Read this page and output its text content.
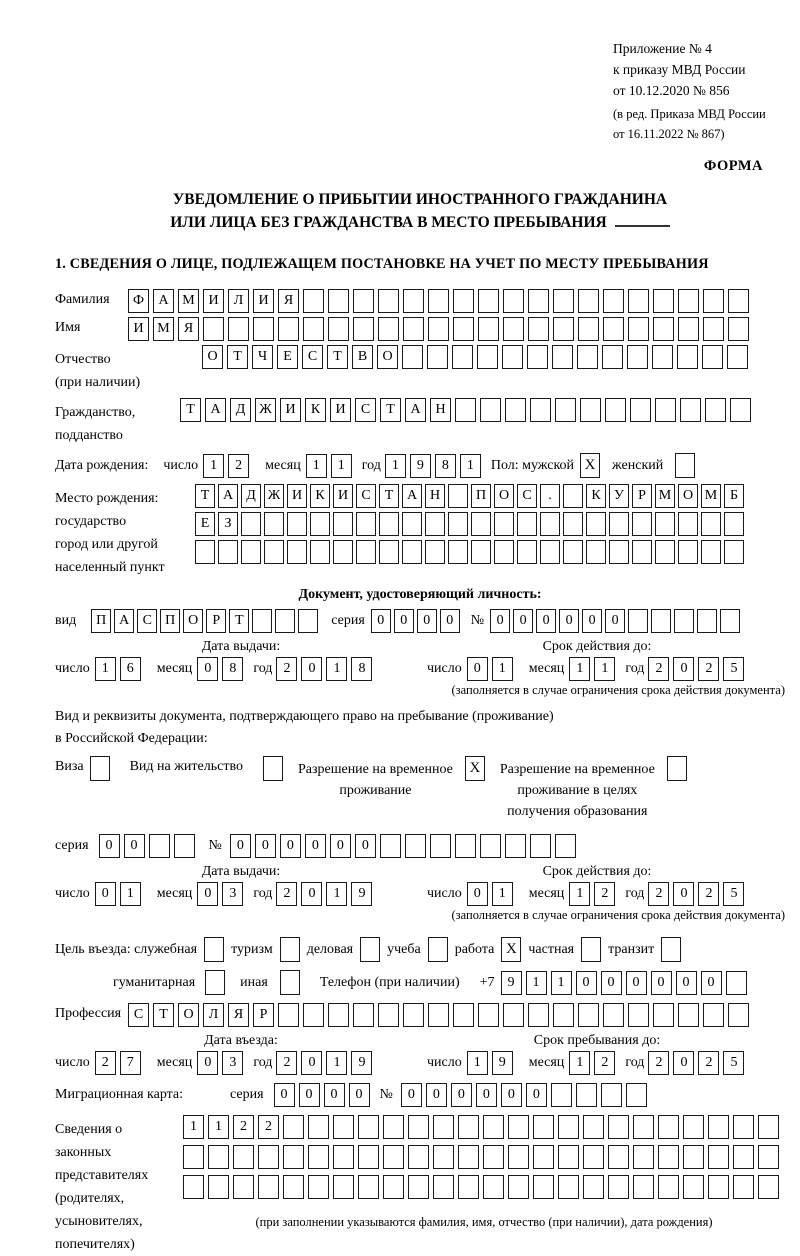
Приложение № 4
к приказу МВД России
от 10.12.2020 № 856
(в ред. Приказа МВД России
от 16.11.2022 № 867)
ФОРМА
УВЕДОМЛЕНИЕ О ПРИБЫТИИ ИНОСТРАННОГО ГРАЖДАНИНА
ИЛИ ЛИЦА БЕЗ ГРАЖДАНСТВА В МЕСТО ПРЕБЫВАНИЯ
1. СВЕДЕНИЯ О ЛИЦЕ, ПОДЛЕЖАЩЕМ ПОСТАНОВКЕ НА УЧЕТ ПО МЕСТУ ПРЕБЫВАНИЯ
Фамилия	Ф	А М И	Л	И	Я
Имя	И М	Я
Отчество
(при наличии)
О	Т	Ч	Е	С	Т	В	О
Гражданство,
подданство
Т	А	Д Ж И	К	И	С	Т	А	Н
Дата рождения: число 1	2	месяц 1	1	год 1	9	8	1	Пол: мужской X	женский
Место рождения:
государство
город или другой
населенный пункт
Т А Д Ж И К И С	Т А Н	П О С	.	К У	Р М О М Б

Е	З

Документ, удостоверяющий личность:
вид	П А С П О	Р	Т	серия 0	0	0	0	№ 0	0	0	0	0	0
Дата выдачи:
число 1	6	месяц 0	8	год 2	0	1	8
Срок действия до:
число 0	1	месяц 1	1	год 2	0	2	5
(заполняется в случае ограничения срока действия документа)
Вид и реквизиты документа, подтверждающего право на пребывание (проживание)
в Российской Федерации:
Виза	Вид на жительство	Разрешение на временное
проживание
X	Разрешение на временное
проживание в целях
получения образования
серия	0	0	№	0	0	0	0	0	0
Дата выдачи:
число 0	1	месяц 0	3	год 2	0	1	9
Срок действия до:
число 0	1	месяц 1	2	год 2	0	2	5
(заполняется в случае ограничения срока действия документа)
Цель въезда: служебная туризм деловая учеба работа X частная транзит
гуманитарная	иная	Телефон (при наличии) +7 9	1	1	0	0	0	0	0	0
Профессия С	Т	О	Л	Я	Р
Дата въезда:
число 2	7	месяц 0	3	год 2	0	1	9
Срок пребывания до:
число 1	9	месяц 1	2	год 2	0	2	5
Миграционная карта:	серия	0	0	0	0	№	0	0	0	0	0	0
Сведения о
законных
представителях
(родителях,
усыновителях,
попечителях)
1	1	2	2

(при заполнении указываются фамилия, имя, отчество (при наличии), дата рождения)
